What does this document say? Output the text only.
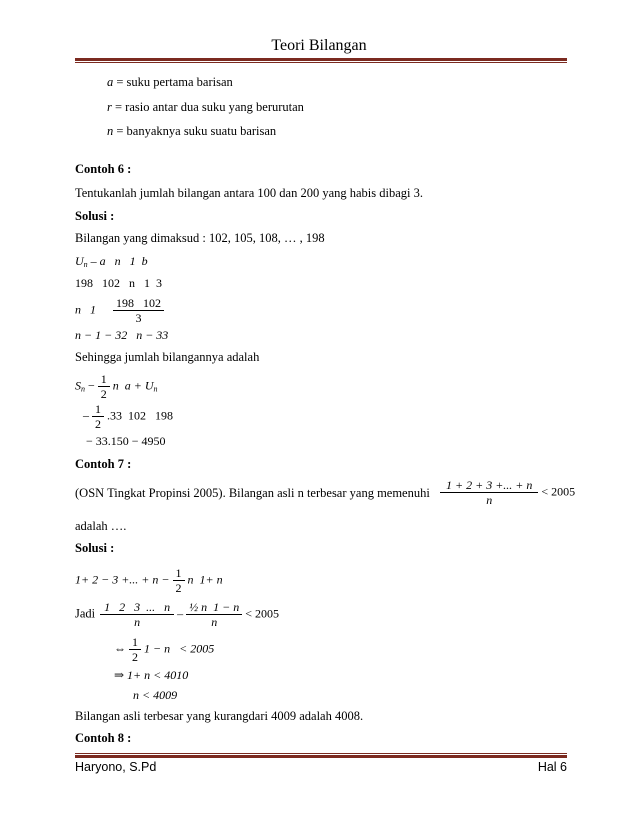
Teori Bilangan
a = suku pertama barisan
r = rasio antar dua suku yang berurutan
n = banyaknya suku suatu barisan
Contoh 6 :
Tentukanlah jumlah bilangan antara 100 dan 200 yang habis dibagi 3.
Solusi :
Bilangan yang dimaksud : 102, 105, 108, … , 198
$U_n$ – a   n   1  b
198   102   n   1  3
n   $1 \frac{198 102}{3}$
n − 1 − 32   n − 33
Sehingga jumlah bilangannya adalah
$S_n - \frac{1}{2}$ n  $a + U_n$
– $\frac{1}{2} .33$  102   198
− 33.150 − 4950
Contoh 7 :
(OSN Tingkat Propinsi 2005). Bilangan asli n terbesar yang memenuhi $\frac{1 + 2 + 3 +... + n}{n} < 2005$
adalah ….
Solusi :
1+ 2 − 3 +... + $n - \frac{1}{2}$ n  1+ n
Jadi $\frac{1 2 3 ... n}{n} - \frac{\text{½ n  1 − n}}{n} < 2005$
⇔ $\frac{1}{2} 1 - n < 2005$
⇒ 1+ n < 4010
n < 4009
Bilangan asli terbesar yang kurangdari 4009 adalah 4008.
Contoh 8 :
Haryono, S.Pd	Hal 6
